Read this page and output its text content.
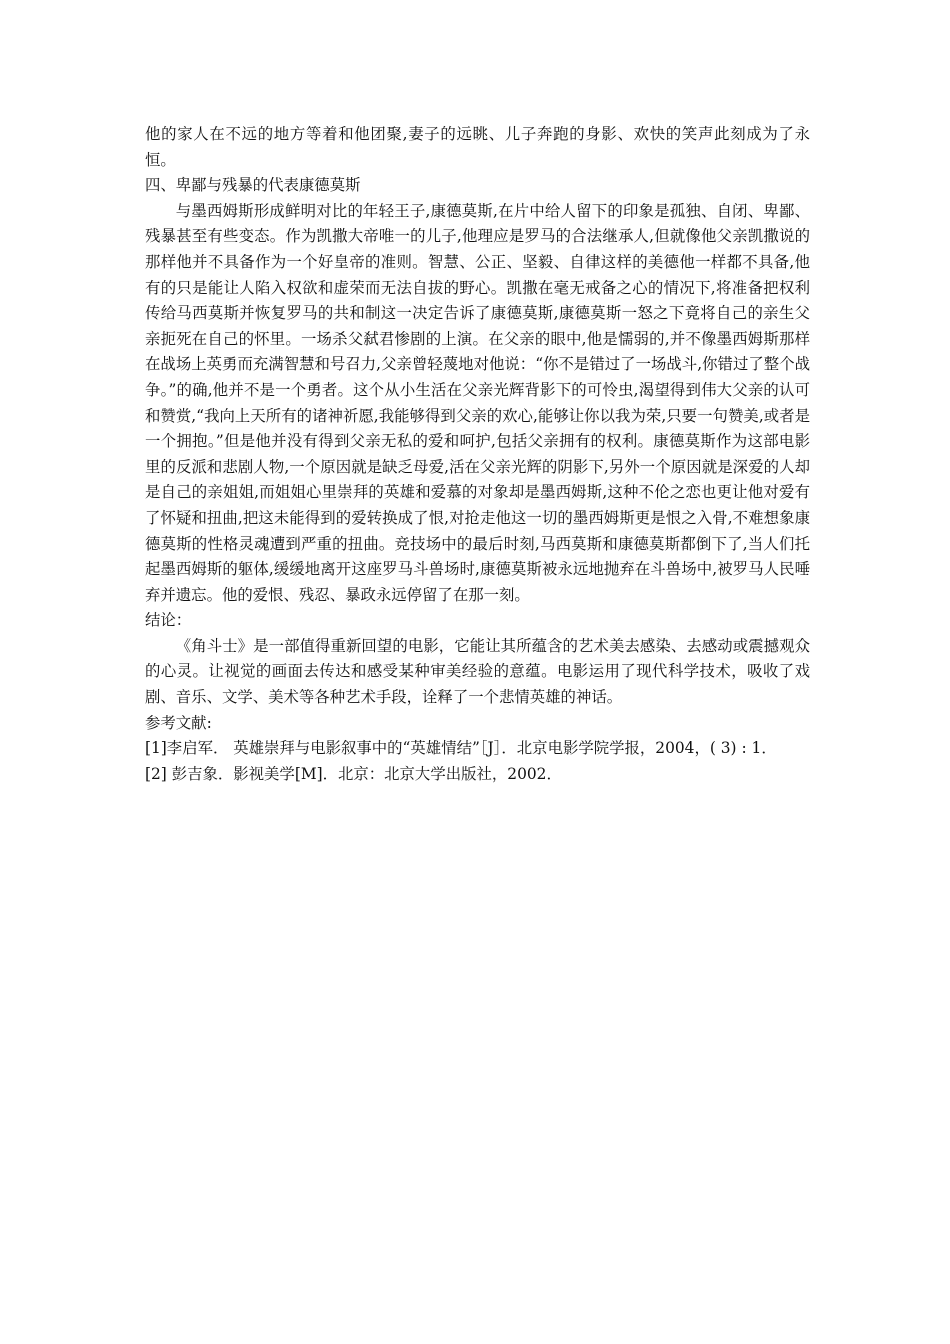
他的家人在不远的地方等着和他团聚,妻子的远眺、儿子奔跑的身影、欢快的笑声此刻成为了永恒。

四、卑鄙与残暴的代表康德莫斯

与墨西姆斯形成鲜明对比的年轻王子,康德莫斯,在片中给人留下的印象是孤独、自闭、卑鄙、残暴甚至有些变态。作为凯撒大帝唯一的儿子,他理应是罗马的合法继承人,但就像他父亲凯撒说的那样他并不具备作为一个好皇帝的准则。智慧、公正、坚毅、自律这样的美德他一样都不具备,他有的只是能让人陷入权欲和虚荣而无法自拔的野心。凯撒在毫无戒备之心的情况下,将准备把权利传给马西莫斯并恢复罗马的共和制这一决定告诉了康德莫斯,康德莫斯一怒之下竟将自己的亲生父亲扼死在自己的怀里。一场杀父弑君惨剧的上演。在父亲的眼中,他是懦弱的,并不像墨西姆斯那样在战场上英勇而充满智慧和号召力,父亲曾轻蔑地对他说：“你不是错过了一场战斗,你错过了整个战争。”的确,他并不是一个勇者。这个从小生活在父亲光辉背影下的可怜虫,渴望得到伟大父亲的认可和赞赏,“我向上天所有的诸神祈愿,我能够得到父亲的欢心,能够让你以我为荣,只要一句赞美,或者是一个拥抱。”但是他并没有得到父亲无私的爱和呵护,包括父亲拥有的权利。康德莫斯作为这部电影里的反派和悲剧人物,一个原因就是缺乏母爱,活在父亲光辉的阴影下,另外一个原因就是深爱的人却是自己的亲姐姐,而姐姐心里崇拜的英雄和爱慕的对象却是墨西姆斯,这种不伦之恋也更让他对爱有了怀疑和扭曲,把这未能得到的爱转换成了恨,对抢走他这一切的墨西姆斯更是恨之入骨,不难想象康德莫斯的性格灵魂遭到严重的扭曲。竞技场中的最后时刻,马西莫斯和康德莫斯都倒下了,当人们托起墨西姆斯的躯体,缓缓地离开这座罗马斗兽场时,康德莫斯被永远地抛弃在斗兽场中,被罗马人民唾弃并遗忘。他的爱恨、残忍、暴政永远停留了在那一刻。

结论：

《角斗士》是一部值得重新回望的电影，它能让其所蕴含的艺术美去感染、去感动或震撼观众的心灵。让视觉的画面去传达和感受某种审美经验的意蕴。电影运用了现代科学技术，吸收了戏剧、音乐、文学、美术等各种艺术手段，诠释了一个悲情英雄的神话。

参考文献:

[1]李启军． 英雄崇拜与电影叙事中的“英雄情结”［J］．北京电影学院学报，2004，( 3) : 1．

[2] 彭吉象．影视美学[M]．北京：北京大学出版社，2002．
